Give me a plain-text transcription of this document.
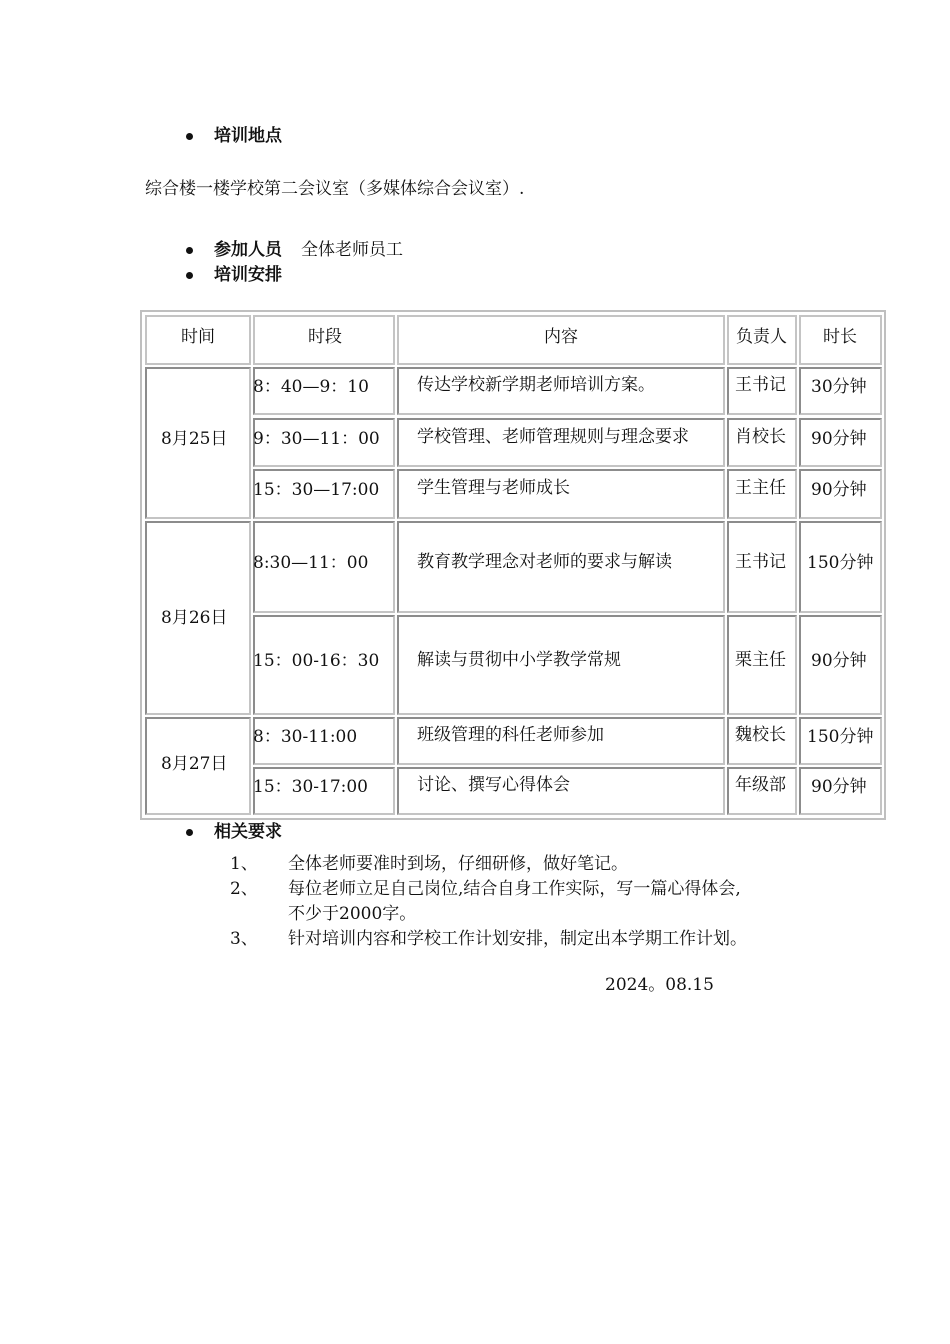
培训地点
综合楼一楼学校第二会议室（多媒体综合会议室）.
参加人员 全体老师员工
培训安排
时间	时段	内容	负责人 时长
8月25日
8：40—9：10	传达学校新学期老师培训方案。	王书记 30分钟
9：30—11：00 学校管理、老师管理规则与理念要求	肖校长 90分钟
15：30—17:00 学生管理与老师成长	王主任 90分钟
8月26日
8:30—11：00	教育教学理念对老师的要求与解读	王书记 150分钟
15：00-16：30 解读与贯彻中小学教学常规	栗主任 90分钟
8月27日
8：30-11:00	班级管理的科任老师参加	魏校长 150分钟
15：30-17:00	讨论、撰写心得体会	年级部 90分钟
相关要求
1、 全体老师要准时到场，仔细研修，做好笔记。
2、 每位老师立足自己岗位,结合自身工作实际，写一篇心得体会,
不少于2000字。
3、 针对培训内容和学校工作计划安排，制定出本学期工作计划。
2024。08.15
